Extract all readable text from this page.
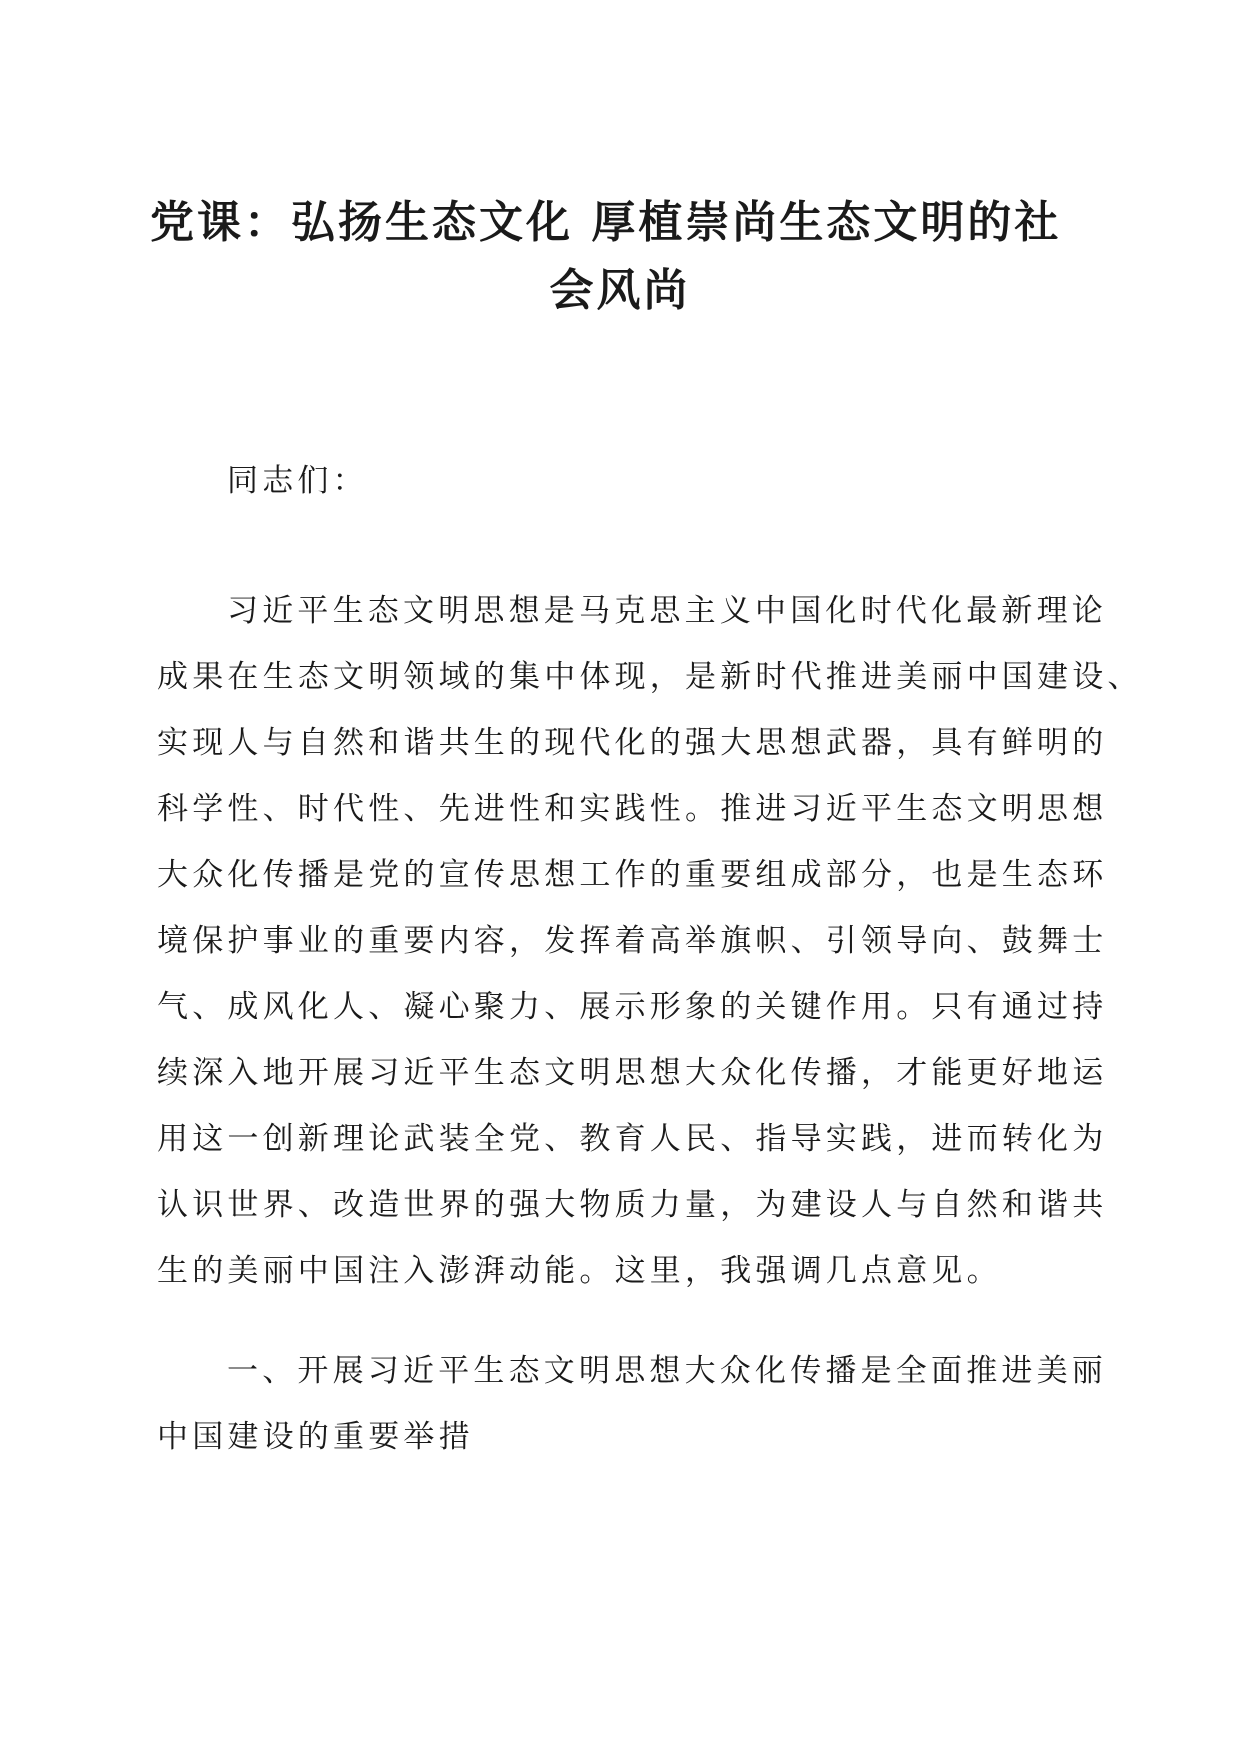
党课：弘扬生态文化 厚植崇尚生态文明的社
会风尚
同志们：
习近平生态文明思想是马克思主义中国化时代化最新理论
成果在生态文明领域的集中体现，是新时代推进美丽中国建设、
实现人与自然和谐共生的现代化的强大思想武器，具有鲜明的
科学性、时代性、先进性和实践性。推进习近平生态文明思想
大众化传播是党的宣传思想工作的重要组成部分，也是生态环
境保护事业的重要内容，发挥着高举旗帜、引领导向、鼓舞士
气、成风化人、凝心聚力、展示形象的关键作用。只有通过持
续深入地开展习近平生态文明思想大众化传播，才能更好地运
用这一创新理论武装全党、教育人民、指导实践，进而转化为
认识世界、改造世界的强大物质力量，为建设人与自然和谐共
生的美丽中国注入澎湃动能。这里，我强调几点意见。
一、开展习近平生态文明思想大众化传播是全面推进美丽
中国建设的重要举措
